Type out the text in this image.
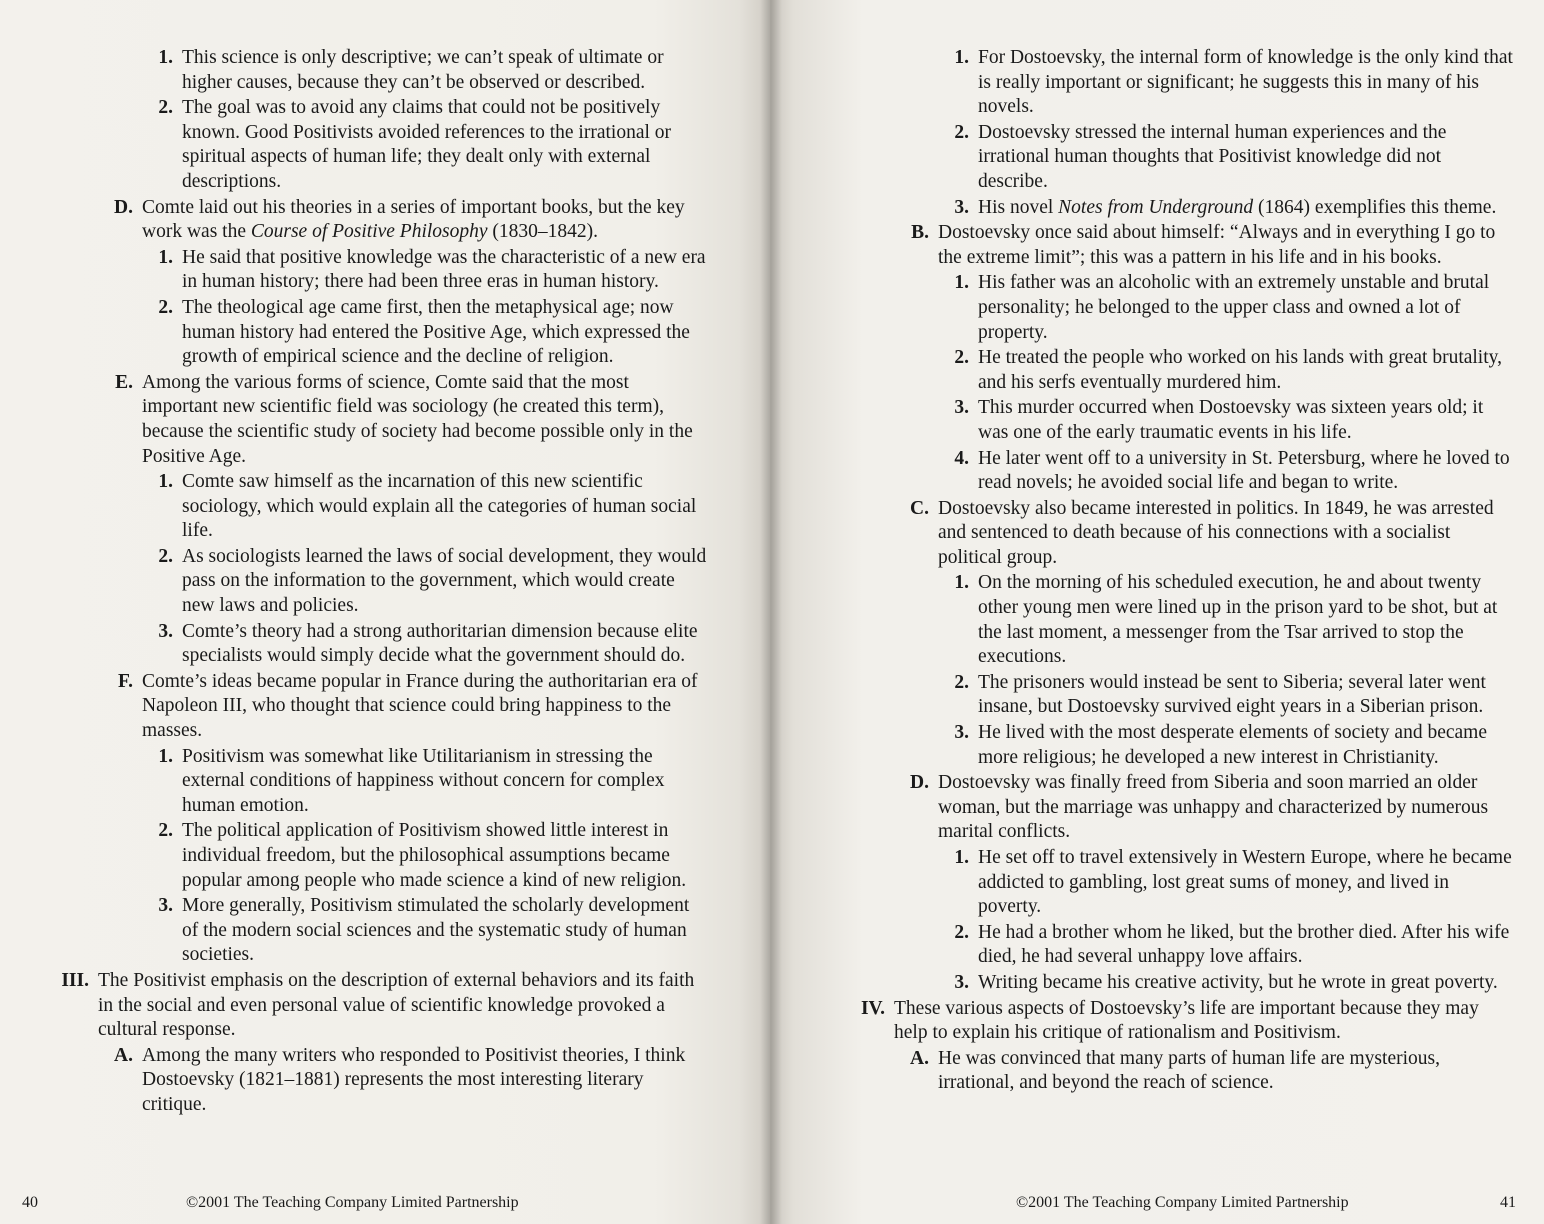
1. This science is only descriptive; we can’t speak of ultimate or higher causes, because they can’t be observed or described.
2. The goal was to avoid any claims that could not be positively known. Good Positivists avoided references to the irrational or spiritual aspects of human life; they dealt only with external descriptions.
D. Comte laid out his theories in a series of important books, but the key work was the Course of Positive Philosophy (1830–1842).
1. He said that positive knowledge was the characteristic of a new era in human history; there had been three eras in human history.
2. The theological age came first, then the metaphysical age; now human history had entered the Positive Age, which expressed the growth of empirical science and the decline of religion.
E. Among the various forms of science, Comte said that the most important new scientific field was sociology (he created this term), because the scientific study of society had become possible only in the Positive Age.
1. Comte saw himself as the incarnation of this new scientific sociology, which would explain all the categories of human social life.
2. As sociologists learned the laws of social development, they would pass on the information to the government, which would create new laws and policies.
3. Comte’s theory had a strong authoritarian dimension because elite specialists would simply decide what the government should do.
F. Comte’s ideas became popular in France during the authoritarian era of Napoleon III, who thought that science could bring happiness to the masses.
1. Positivism was somewhat like Utilitarianism in stressing the external conditions of happiness without concern for complex human emotion.
2. The political application of Positivism showed little interest in individual freedom, but the philosophical assumptions became popular among people who made science a kind of new religion.
3. More generally, Positivism stimulated the scholarly development of the modern social sciences and the systematic study of human societies.
III. The Positivist emphasis on the description of external behaviors and its faith in the social and even personal value of scientific knowledge provoked a cultural response.
A. Among the many writers who responded to Positivist theories, I think Dostoevsky (1821–1881) represents the most interesting literary critique.
40	©2001 The Teaching Company Limited Partnership
1. For Dostoevsky, the internal form of knowledge is the only kind that is really important or significant; he suggests this in many of his novels.
2. Dostoevsky stressed the internal human experiences and the irrational human thoughts that Positivist knowledge did not describe.
3. His novel Notes from Underground (1864) exemplifies this theme.
B. Dostoevsky once said about himself: “Always and in everything I go to the extreme limit”; this was a pattern in his life and in his books.
1. His father was an alcoholic with an extremely unstable and brutal personality; he belonged to the upper class and owned a lot of property.
2. He treated the people who worked on his lands with great brutality, and his serfs eventually murdered him.
3. This murder occurred when Dostoevsky was sixteen years old; it was one of the early traumatic events in his life.
4. He later went off to a university in St. Petersburg, where he loved to read novels; he avoided social life and began to write.
C. Dostoevsky also became interested in politics. In 1849, he was arrested and sentenced to death because of his connections with a socialist political group.
1. On the morning of his scheduled execution, he and about twenty other young men were lined up in the prison yard to be shot, but at the last moment, a messenger from the Tsar arrived to stop the executions.
2. The prisoners would instead be sent to Siberia; several later went insane, but Dostoevsky survived eight years in a Siberian prison.
3. He lived with the most desperate elements of society and became more religious; he developed a new interest in Christianity.
D. Dostoevsky was finally freed from Siberia and soon married an older woman, but the marriage was unhappy and characterized by numerous marital conflicts.
1. He set off to travel extensively in Western Europe, where he became addicted to gambling, lost great sums of money, and lived in poverty.
2. He had a brother whom he liked, but the brother died. After his wife died, he had several unhappy love affairs.
3. Writing became his creative activity, but he wrote in great poverty.
IV. These various aspects of Dostoevsky’s life are important because they may help to explain his critique of rationalism and Positivism.
A. He was convinced that many parts of human life are mysterious, irrational, and beyond the reach of science.
©2001 The Teaching Company Limited Partnership	41
